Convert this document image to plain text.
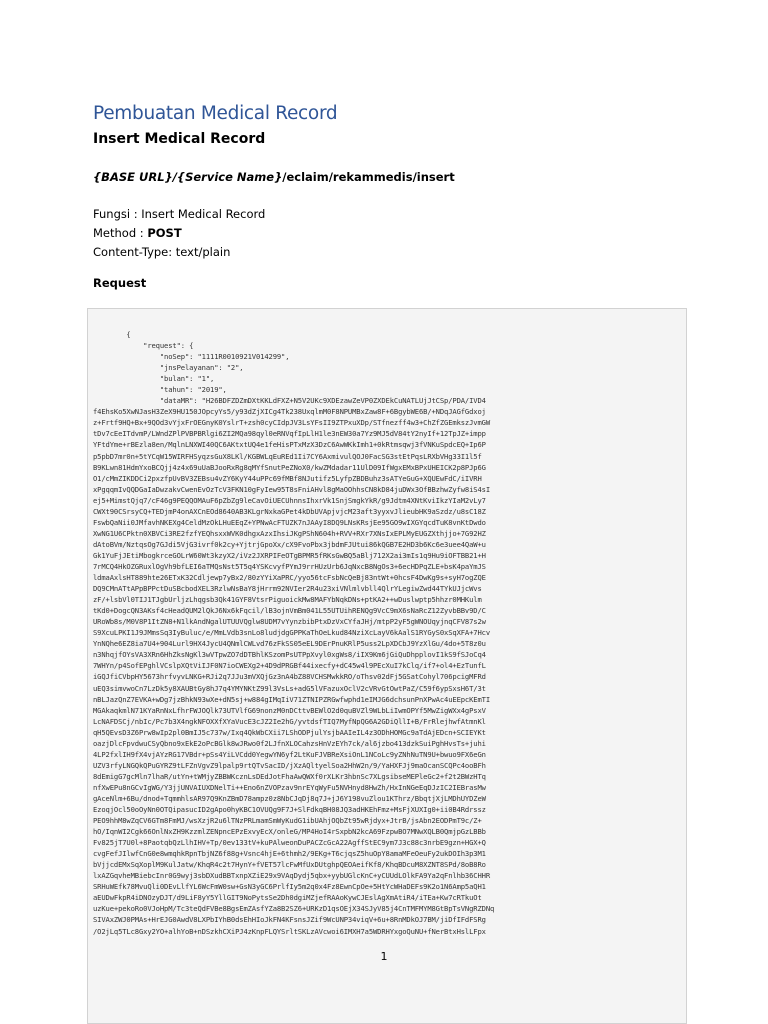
Pembuatan Medical Record
Insert Medical Record
{BASE URL}/{Service Name}/eclaim/rekammedis/insert
Fungsi : Insert Medical Record
Method : POST
Content-Type: text/plain
Request
{
"request": {
"noSep": "1111R0010921V014299",
"jnsPelayanan": "2",
"bulan": "1",
"tahun": "2019",
"dataMR": "H26BDFZDZmDXtKKLdFXZ+N5V2UKc9XDEzawZeVP0ZXDEkCuNATLUjJtCSp/PDA/IVD4
f4EhsKo5XwNJasH3ZeX9HU150JOpcyYs5/y93dZjXICg4Tk238UxqlmM0F8NPUMBxZaw8F+6BgybWE6B/+NDqJAGfGdxoj
z+Frtf9HQ+Bx+9QOd3vYjxFrOEGnyK0YslrT+zsh0cyCIdpJV3LsYFsII9ZTPxuXDp/STfnezff4w3+ChZfZGEmkszJvmGW
tDv7cEeITdvmP/LWndZPlPVBPBRlgi6ZI2MQa98qyl0eRNVqfIpLlH1le3nEW30a7Yz9MJ5dV84tY2nyIf+12TpJZ+impp
YFtdYme+rBEzla8en/MqlnLNXWI40QC6AKtxtUQ4e1feHisPTxMzX3DzC6AwWKkImh1+0kRtmsqwj3fVNKuSpdcEQ+Ip6P
p5pbD7mr0n+5tYCqW15WIRFHSyqzsGuX8LKl/KGBWLqEuREd1Ii7CY6AxmivulQOJ0FacSG3stEtPqsLRXbVHg33I1l5f
B9KLwn81HdmYxoBCQjj4z4x69uUaBJooRxRg8qMYfSnutPeZNoX0/kwZMdadar11UlD09IfWgxEMxBPxUHEICK2p8PJp6G
O1/cMmZIKDDCi2pxzfpUvBV3ZEBsu4vZY6KyY44uPPc69fMBf8NJutifz5LyfpZBDBuhz3sATYeGuG+XQUEwFdC/iIVRH
xPgqqmIvQQDGaIaDwzakvCwenEvOzTcV3FKN10gFyIew95T8sFniAHvl8gMaOOhhsCN8kD84juDWx3OfBBzhwZyfw8iS4sI
ej5+MimstQjq7/cF46g9PEQQOMAuF6pZbZg9leCavOiUECUhnnsIhxrVk1SnjSmgkYkR/g9Jdtm4XNtKviIkzYIaM2vLy7
CWXt90CSrsyCQ+TEDjmP4onAXCnEOd8640AB3KLgrNxkaGPet4kDbUVApjvjcM23aft3yyxvJlieubHK9aSzdz/u8sC18Z
FswbQaNii0JMfavhNKEXg4CeldMzOkLHuEEqZ+YPNwAcFTUZK7nJAAyI8DQ9LNsKRsjEe95GO9wIXGYqcdTuK8vnKtDwdo
XwNG1U6CPktn0XBVCi3RE2fzfYEQhsxxWVK0dhgxAzxIhsiJKgPShN604h+RVV+RXr7XNsIxEPLMyEUGZXthjjo+7G92HZ
dAtoBVm/NztqsOg7GJdi5VjG3ivrf0k2cy+YjtrjGpoXx/cX9FvoPbx3jbdmFJUtui86kQGB7E2HD3b6Kc6e3uee4QaW+u
Gk1YuFjJEtiMbogkrceGOLrW60Wt3kzyX2/iVz2JXRPIFeOTgBPMR5fRKsGwBQ5aBlj712X2ai3mIs1q9Hu9iOFTBB21+H
7rMCQ4HkOZGRuxlOgVh9bfLEI6aTMQsNst5T5q4YSKcvyfPYmJ9rrHUzUrb6JqNxcB8NgOs3+6ecHDPqZLE+bsK4paYmJS
ldmaAxlsHT889hte26ETxK32Cdljewp7yBx2/80zYYiXaPRC/yyo56tcFsbNcQeBj83ntWt+0hcsF4DwKg9s+syH7ogZQE
DQ9CMnATtAPpBPPctDuSBcbodXEL3RzlwNsBaY8jHrrm92NVIer2R4u23xiVNlmlvbll4QlrYLegiwZwd44TYkUJjcWvs
zF/+lsbVl0TIJ1TJgbUrljzLhqgsb3Qk41GYF8VtsrPiguoickMw8MAFYbNqkDNs+ptKA2++wDuslwptp5hhzr0MHKulm
tKd0+DogcQN3AKsf4cHeadQUM2lQkJ6Nx6kFqcil/lB3ojnVmBm041L55UTUihRENQg9VcC9mX6sNaRcZ12ZyvbBBv9D/C
URoWb8s/M0V8P1ItZN8+N1lkAndNgalUTUUVQglw8UDM7vYynzbibPtxDzVxCYfaJHj/mtpP2yF5gWNOUqyjnqCFV87s2w
S9XcuLPKI1J9JMmsSq3IyBuluc/e/MmLVdb3snLo8ludjdgGPPKaThOeLkud84NziXcLayV6kAalS1RYGyS0xSqXFA+7Hcv
YnNQhe6EZ8ia7U4+904Lurl9HX4JycU4QNmlCWLvd76zFkSS05eEL9DErPnuKRlP5uss2LpXDCbJ9YzXlGu/4do+5T8z0u
n3NhqjfOYsVA3XRn6HhZksNgKl3wVTpwZO7dDTBhlKSzomPsUTPpXvyl0xgWs8/iIX9Km6jGiQuDhpplovI1kS9fSJoCq4
7WHYn/p4SofEPghlVCslpXQtViIJF0N7ioCWEXg2+4D9dPRGBf44ixecfy+dC45w4l9PEcXuI7kClq/if7+ol4+EzTunfL
iGQJfiCVbpHY5673hrfvyvLNKG+RJi2q7JJu3mVXQjGz3nA4bZ88VCHSMwkkRO/oThsv02dFj5GSatCohyl706pcigMFRd
uEQ3simvwoCn7LzDk5y8XAUBtGy8hJ7q4YMYNKtZ99l3VsLs+adG5lVFazuxOclV2cVRvGtOwtPaZ/C59f6ypSxsH6T/3t
nBLJazQnZ7EVKA+wDg7jzBhkN93wXe+dN5sj+w884gIMqIiV71ZTNIPZRGwfwphd1eIMJG6dchsunPnXPwAc4uEEpcKEmTI
MGAkaqkmlN71KYaRnNxLfhrFWJOQlk73UTVlfG69nonzM0nDCttvBEWlO2d0quBVZl9WLbLiIwmOPYf5MwZigWXx4gPsxV
LcNAFDSCj/nbIc/Pc7b3X4ngkNFOXXfXYaVucE3cJZ2Ie2hG/yvtdsfTIQ7MyfNpQG6A2GDiQllI+B/FrRlejhwfAtmnKl
qH5QEvsD3Z6Prw8wIp2pl0BmIJ5c737w/Ixq4QkWbCXii7LShODPjulYsjbAAIeIL4z3ODhHOMGc9aTdAjEDcn+SCIEYKt
oazjDlcFpvdwuCSyQbno9xEkE2oPcBGlk8wJRwo0f2LJfnXLOCahzsHnVzEYh7ck/al6jzbo413dzkSuiPghHvsTs+juhi
4LP2fxlIH9fX4vjAYzRG17VBdr+pSs4YiLVCdd0YegwYN6yf2LtKuFJVBReXsiOnL1NCoLc9yZNhNuTN9U+bwuo9FX6eGn
UZV3rfyLNGQkQPuGYRZ9tLFZnVgvZ9lpalp9rtQTvSacID/jXzAQltyelSoa2HhW2n/9/YaHXFJj9maOcanSCQPc4ooBFh
8dEmigG7gcMln7lhaR/utYn+tWMjyZBBWKcznLsDEdJotFhaAwQWXf0rXLKr3hbnSc7XLgsibseMEPleGc2+f2t2BWzHTq
nfXwEPu8nGCvIgWG/Y3jjUNVAIUXDNelTi++Eno6nZVOPzav9nrEYqWyFu5NVHnyd8HwZh/HxInNGeEqDJzIC2IEBrasMw
gAceNlm+6Bu/dnod+TqmmhlsAR97Q9KnZBmD78ampz0z8NbCJqDj8q7J+jJ6Y198vuZlou1KThrz/BbqtjXjLMDhUYDZeW
EzoqjOcl50oOyNn0OTQipasucID2gApo0hyKBC1OVUQg9F7J+SlFdkqBH08JQ3adHKEhFmz+MsFjXUXIg0+ii0B4Rdrssz
PEO9hhM8wZqCV6GTm8FmMJ/wsXzjR2u6lTNzPRLmamSmWyKudG1ibUAhjOQbZt95wRjdyx+JtrB/jsAbn2EODPmT9c/Z+
hO/IqnWI2Cgk66OnlNxZH9KzzmlZENpncEPzExvyEcX/onleG/MP4HoI4rSxpbN2kcA69FzpwBO7MNwXQLB0QmjpGzLBBb
Fv825jT7U0l+8PaotqbQzLlhIHV+Tp/0ev133tV+kuPAlweonDuPACZcGcA22AgffStEC9ym7J3c88c3nrbE9gzn+HGX+Q
cvgFefJIlwfCnG0e8wmqhkRpnTbjNZ6f88g+Vsnc4hjE+6thmh2/9EKg+T6cjqsZ5huOpY8amaMFeOeuFy2ukDOIh3p3M1
bVjjcdEMxSqXoplM9KulJatw/KhqR4c2t7HynY+fVET57lcFwMfUxDUtghpQEOAeifKf8/KhqBDcuM8XZNT8SPd/8oB8Ro
lxAZGqvheMBiebcInr0G9wyj3sbDXudBBTxnpXZiE29x9VAqDydj5qbx+yybUGlcKnC+yCUUdLOlkFA9Ya2qFnlhb36CHHR
SRHuWEfk78MvuQli0DEvLlfYL6WcFmW0sw+GsN3yGC6PrlfIy5m2q0x4Fz8EwnCpOe+5HtYcWHaDEFs9K2o1N6Amp5aQH1
aEUDwFkpR4iDNOzyDJT/d9LiF8yY5YllGIT9NoPytsSe2Dh0dgiMZjefRAAoKywCJEslAgXmAtiR4/iTEa+Kw7cRTkuOt
uzKue+pekoRo0VJoHpM/Tc3teQdFVBe8BgsEmZAsfYZa8B2SZ6+URKzD1qsOEjX34SJyV85j4CnTMFMYM8GtBpTsVNgRZDNq
SIVAxZWJ0PMAs+HrEJG0AwdV8LXPbIYhB0dsEhHIoJkFN4KFsnsJZif9WcUNP34viqV+6u+8RnMDkOJ7BM/jiDfIFdFSRg
/O2jLq5TLc8Gxy2YO+alhYoB+nDSzkhCXiPJ4zKnpFLQYSrltSKLzAVcwoi6IMXH7a5WDRHYxgoQuNU+fNerBtxHslLFpx
1
